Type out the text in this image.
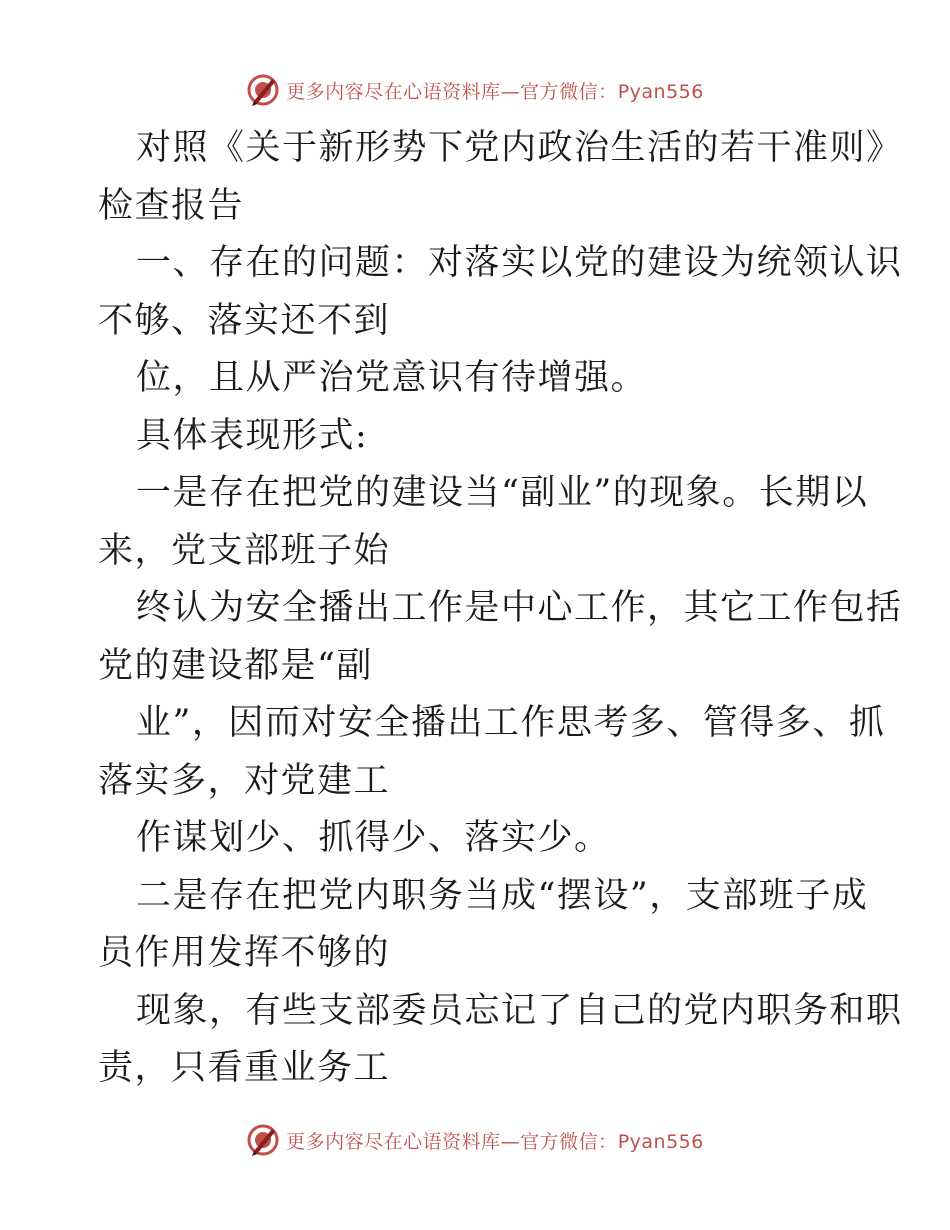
更多内容尽在心语资料库—官方微信：Pyan556
对照《关于新形势下党内政治生活的若干准则》
检查报告
一、存在的问题：对落实以党的建设为统领认识
不够、落实还不到
位，且从严治党意识有待增强。
具体表现形式:
一是存在把党的建设当“副业”的现象。长期以
来，党支部班子始
终认为安全播出工作是中心工作，其它工作包括
党的建设都是“副
业”，因而对安全播出工作思考多、管得多、抓
落实多，对党建工
作谋划少、抓得少、落实少。
二是存在把党内职务当成“摆设”，支部班子成
员作用发挥不够的
现象，有些支部委员忘记了自己的党内职务和职
责，只看重业务工
更多内容尽在心语资料库—官方微信：Pyan556
